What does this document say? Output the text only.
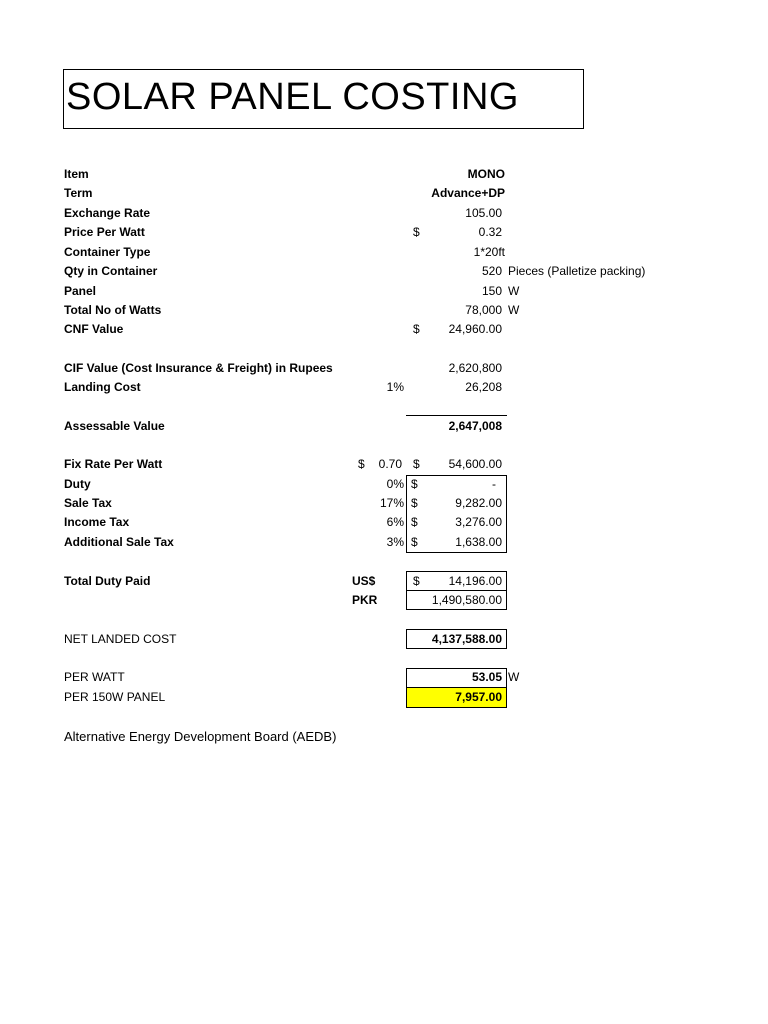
SOLAR PANEL COSTING
Item	MONO
Term	Advance+DP
Exchange Rate	105.00
Price Per Watt	$	0.32
Container Type	1*20ft
Qty in Container	520 Pieces (Palletize packing)
Panel	150 W
Total No of Watts	78,000 W
CNF Value	$	24,960.00
CIF Value (Cost Insurance & Freight) in Rupees	2,620,800
Landing Cost	1%	26,208
Assessable Value	2,647,008
Fix Rate Per Watt	$	0.70 $	54,600.00
Duty	0% $	-
Sale Tax	17% $	9,282.00
Income Tax	6% $	3,276.00
Additional Sale Tax	3% $	1,638.00
Total Duty Paid	US$	$	14,196.00
PKR	1,490,580.00
NET LANDED COST	4,137,588.00
PER WATT	53.05 W
PER 150W PANEL	7,957.00
Alternative Energy Development Board (AEDB)
